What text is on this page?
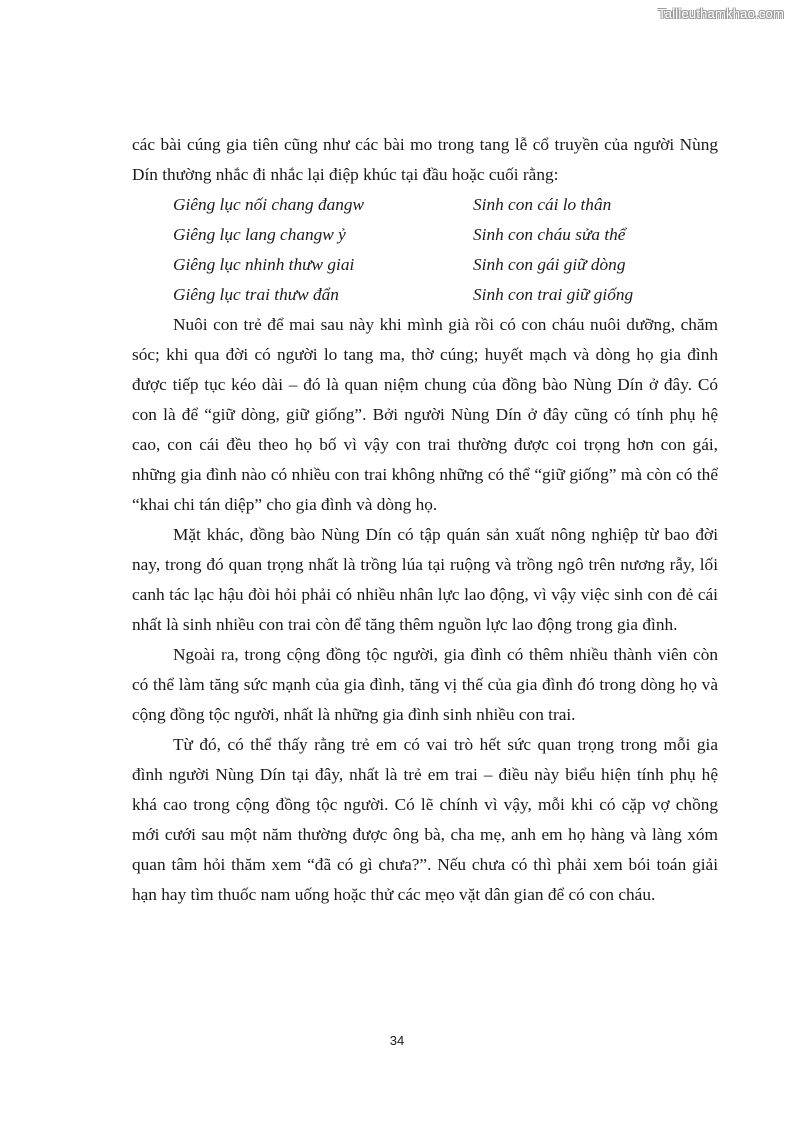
Tailieuthamkhao.com

các bài cúng gia tiên cũng như các bài mo trong tang lễ cổ truyền của người Nùng
Dín thường nhắc đi nhắc lại điệp khúc tại đầu hoặc cuối rằng:

Giêng lục nối chang đangw	Sinh con cái lo thân
Giêng lục lang changw ỷ	Sinh con cháu sửa thể
Giêng lục nhinh thưw giai	Sinh con gái giữ dòng
Giêng lục trai thưw đẩn	Sinh con trai giữ giống

Nuôi con trẻ để mai sau này khi mình già rồi có con cháu nuôi dưỡng, chăm
sóc; khi qua đời có người lo tang ma, thờ cúng; huyết mạch và dòng họ gia đình
được tiếp tục kéo dài – đó là quan niệm chung của đồng bào Nùng Dín ở đây. Có
con là để “giữ dòng, giữ giống”. Bởi người Nùng Dín ở đây cũng có tính phụ hệ
cao, con cái đều theo họ bố vì vậy con trai thường được coi trọng hơn con gái,
những gia đình nào có nhiều con trai không những có thể “giữ giống” mà còn có thể
“khai chi tán diệp” cho gia đình và dòng họ.

Mặt khác, đồng bào Nùng Dín có tập quán sản xuất nông nghiệp từ bao đời
nay, trong đó quan trọng nhất là trồng lúa tại ruộng và trồng ngô trên nương rẫy, lối
canh tác lạc hậu đòi hỏi phải có nhiều nhân lực lao động, vì vậy việc sinh con đẻ cái
nhất là sinh nhiều con trai còn để tăng thêm nguồn lực lao động trong gia đình.

Ngoài ra, trong cộng đồng tộc người, gia đình có thêm nhiều thành viên còn
có thể làm tăng sức mạnh của gia đình, tăng vị thế của gia đình đó trong dòng họ và
cộng đồng tộc người, nhất là những gia đình sinh nhiều con trai.

Từ đó, có thể thấy rằng trẻ em có vai trò hết sức quan trọng trong mỗi gia
đình người Nùng Dín tại đây, nhất là trẻ em trai – điều này biểu hiện tính phụ hệ
khá cao trong cộng đồng tộc người. Có lẽ chính vì vậy, mỗi khi có cặp vợ chồng
mới cưới sau một năm thường được ông bà, cha mẹ, anh em họ hàng và làng xóm
quan tâm hỏi thăm xem “đã có gì chưa?”. Nếu chưa có thì phải xem bói toán giải
hạn hay tìm thuốc nam uống hoặc thử các mẹo vặt dân gian để có con cháu.

34
